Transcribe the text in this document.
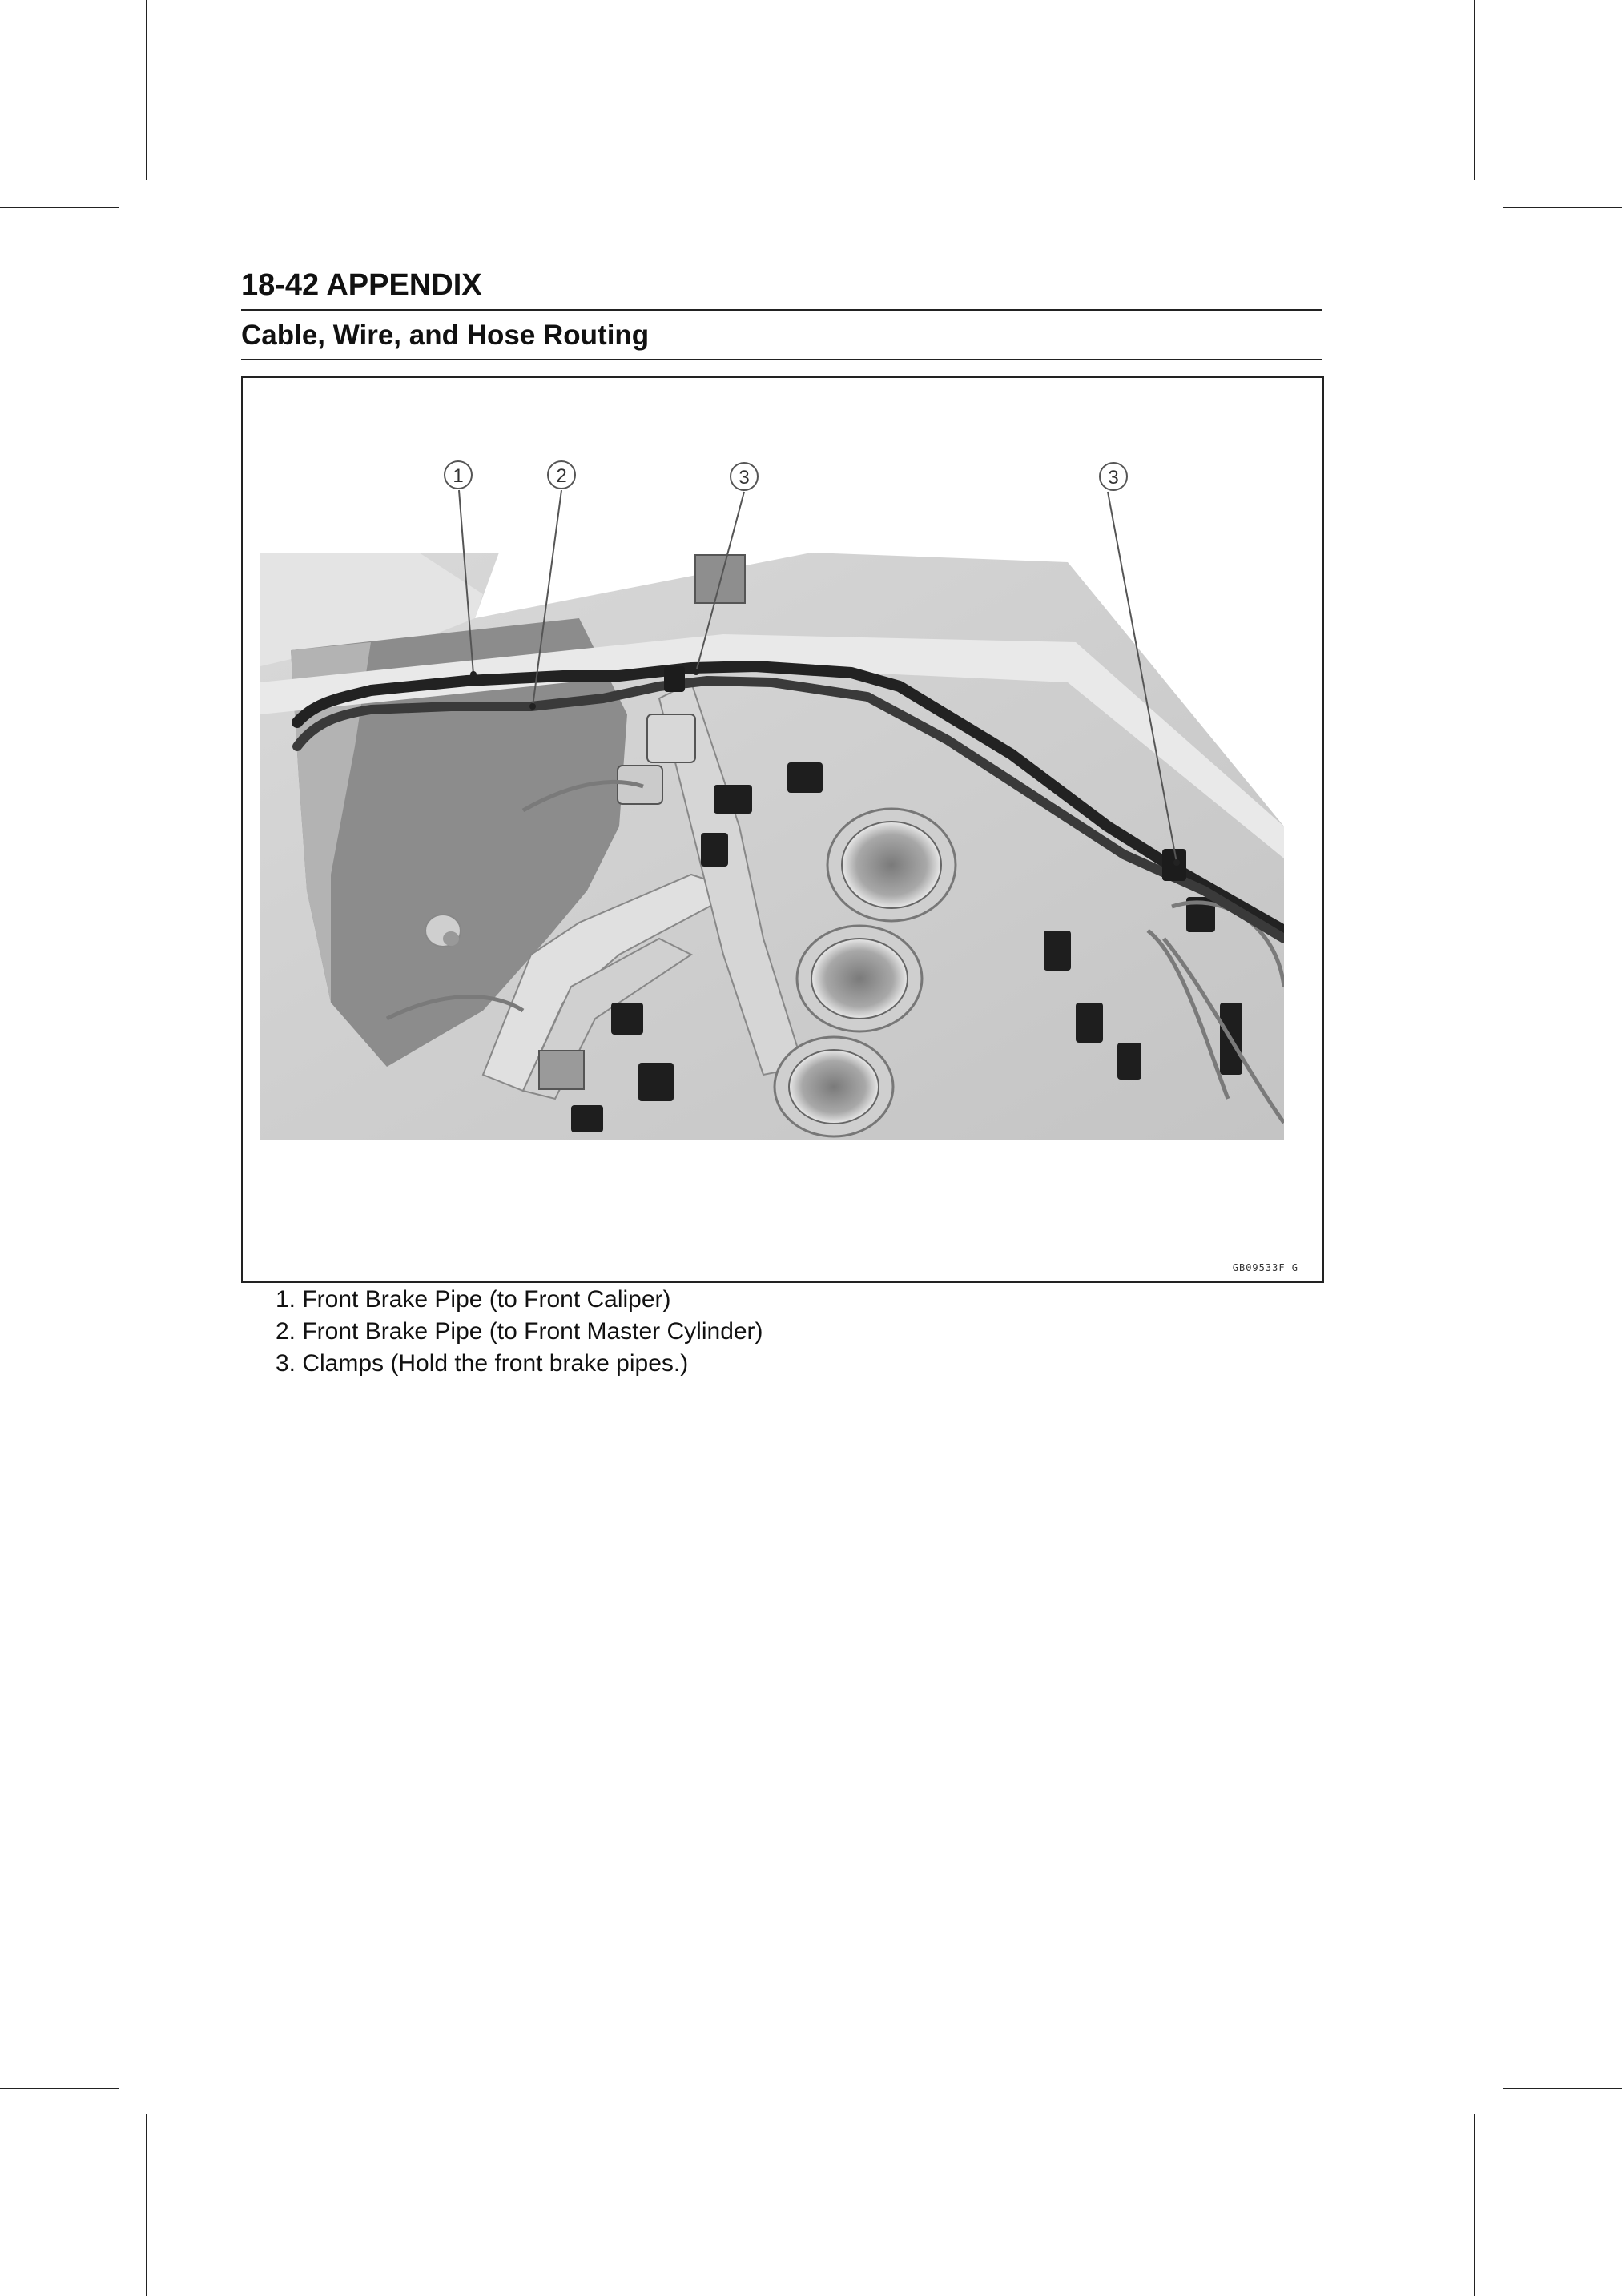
18-42 APPENDIX
Cable, Wire, and Hose Routing
1	2	3	3
GB09533F G
1. Front Brake Pipe (to Front Caliper)
2. Front Brake Pipe (to Front Master Cylinder)
3. Clamps (Hold the front brake pipes.)
